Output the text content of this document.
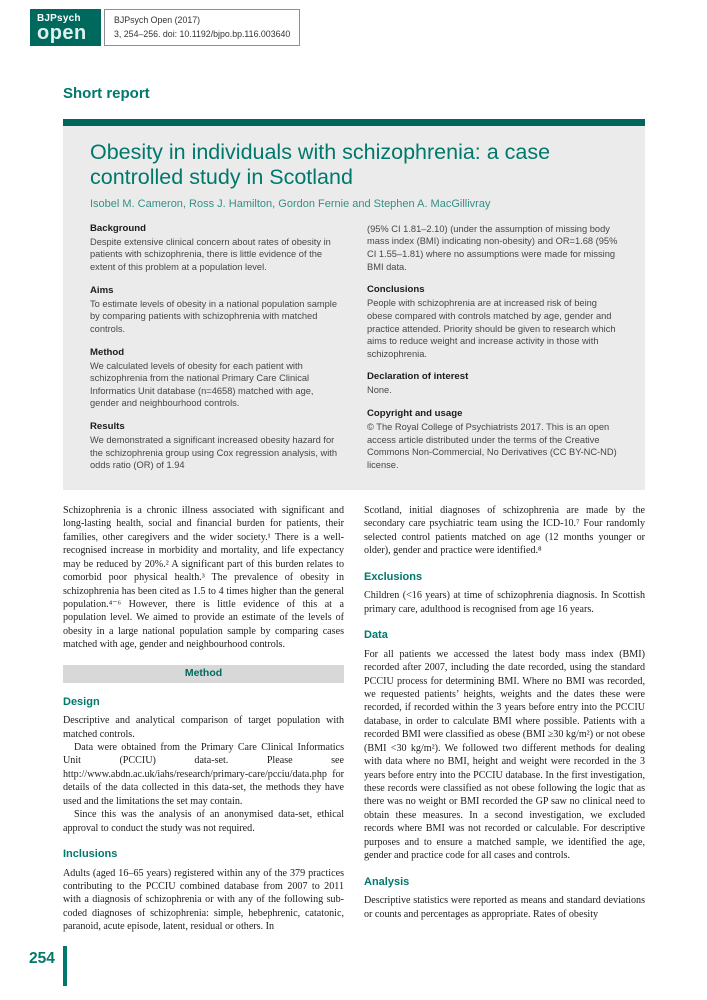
BJPsych
open
BJPsych Open (2017)
3, 254–256. doi: 10.1192/bjpo.bp.116.003640
Short report
Obesity in individuals with schizophrenia: a case controlled study in Scotland
Isobel M. Cameron, Ross J. Hamilton, Gordon Fernie and Stephen A. MacGillivray
Background
Despite extensive clinical concern about rates of obesity in patients with schizophrenia, there is little evidence of the extent of this problem at a population level.
Aims
To estimate levels of obesity in a national population sample by comparing patients with schizophrenia with matched controls.
Method
We calculated levels of obesity for each patient with schizophrenia from the national Primary Care Clinical Informatics Unit database (n=4658) matched with age, gender and neighbourhood controls.
Results
We demonstrated a significant increased obesity hazard for the schizophrenia group using Cox regression analysis, with odds ratio (OR) of 1.94
(95% CI 1.81–2.10) (under the assumption of missing body mass index (BMI) indicating non-obesity) and OR=1.68 (95% CI 1.55–1.81) where no assumptions were made for missing BMI data.
Conclusions
People with schizophrenia are at increased risk of being obese compared with controls matched by age, gender and practice attended. Priority should be given to research which aims to reduce weight and increase activity in those with schizophrenia.
Declaration of interest
None.
Copyright and usage
© The Royal College of Psychiatrists 2017. This is an open access article distributed under the terms of the Creative Commons Non-Commercial, No Derivatives (CC BY-NC-ND) license.

Schizophrenia is a chronic illness associated with significant and long-lasting health, social and financial burden for patients, their families, other caregivers and the wider society.¹ There is a well-recognised increase in morbidity and mortality, and life expectancy may be reduced by 20%.² A significant part of this burden relates to comorbid poor physical health.³ The prevalence of obesity in schizophrenia has been cited as 1.5 to 4 times higher than the general population.⁴⁻⁶ However, there is little evidence of this at a population level. We aimed to provide an estimate of the levels of obesity in a large national population sample by comparing cases matched with age, gender and neighbourhood controls.

Method
Design

Descriptive and analytical comparison of target population with matched controls.

Data were obtained from the Primary Care Clinical Informatics Unit (PCCIU) data-set. Please see http://www.abdn.ac.uk/iahs/research/primary-care/pcciu/data.php for details of the data collected in this data-set, the methods they have used and the limitations the set may contain.

Since this was the analysis of an anonymised data-set, ethical approval to conduct the study was not required.

Inclusions

Adults (aged 16–65 years) registered within any of the 379 practices contributing to the PCCIU combined database from 2007 to 2011 with a diagnosis of schizophrenia or with any of the following sub-coded diagnoses of schizophrenia: simple, hebephrenic, catatonic, paranoid, acute episode, latent, residual or others. In

Scotland, initial diagnoses of schizophrenia are made by the secondary care psychiatric team using the ICD-10.⁷ Four randomly selected control patients matched on age (12 months younger or older), gender and practice were identified.⁸

Exclusions

Children (<16 years) at time of schizophrenia diagnosis. In Scottish primary care, adulthood is recognised from age 16 years.

Data

For all patients we accessed the latest body mass index (BMI) recorded after 2007, including the date recorded, using the standard PCCIU process for determining BMI. Where no BMI was recorded, we requested patients’ heights, weights and the dates these were recorded, if recorded within the 3 years before entry into the PCCIU database, in order to calculate BMI where possible. Patients with a recorded BMI were classified as obese (BMI ≥30 kg/m²) or not obese (BMI <30 kg/m²). We followed two different methods for dealing with data where no BMI, height and weight were recorded in the 3 years before entry into the PCCIU database. In the first investigation, these records were classified as not obese following the logic that as there was no weight or BMI recorded the GP saw no clinical need to obtain these measures. In a second investigation, we excluded records where BMI was not recorded or calculable. For descriptive purposes and to ensure a matched sample, we identified the age, gender and practice code for all cases and controls.

Analysis

Descriptive statistics were reported as means and standard deviations or counts and percentages as appropriate. Rates of obesity

254
